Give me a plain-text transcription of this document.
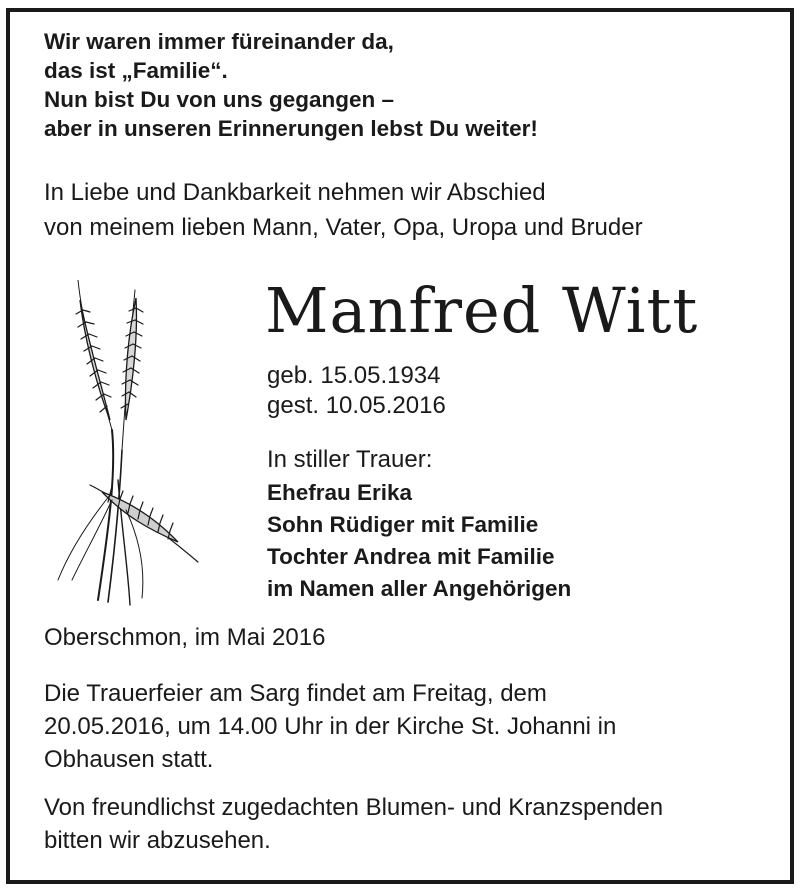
Wir waren immer füreinander da,
das ist „Familie“.
Nun bist Du von uns gegangen –
aber in unseren Erinnerungen lebst Du weiter!
In Liebe und Dankbarkeit nehmen wir Abschied
von meinem lieben Mann, Vater, Opa, Uropa und Bruder
Manfred Witt
geb. 15.05.1934
gest. 10.05.2016
In stiller Trauer:
Ehefrau Erika
Sohn Rüdiger mit Familie
Tochter Andrea mit Familie
im Namen aller Angehörigen
Oberschmon, im Mai 2016
Die Trauerfeier am Sarg findet am Freitag, dem
20.05.2016, um 14.00 Uhr in der Kirche St. Johanni in
Obhausen statt.
Von freundlichst zugedachten Blumen- und Kranzspenden
bitten wir abzusehen.
